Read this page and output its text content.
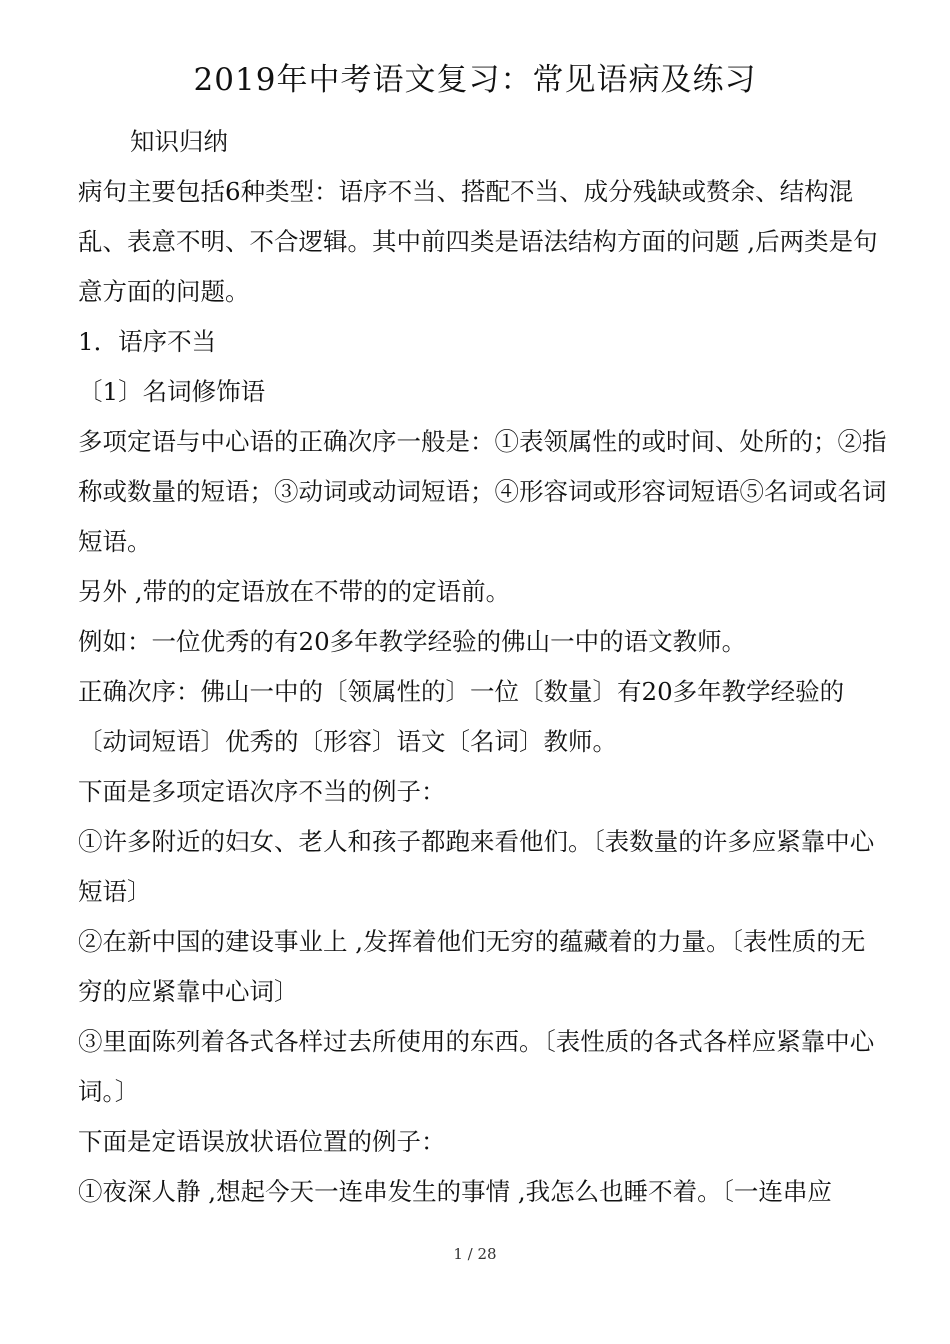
2019年中考语文复习：常见语病及练习

知识归纳

病句主要包括6种类型：语序不当、搭配不当、成分残缺或赘余、结构混乱、表意不明、不合逻辑。其中前四类是语法结构方面的问题 ,后两类是句意方面的问题。

1．语序不当

〔1〕名词修饰语

多项定语与中心语的正确次序一般是：①表领属性的或时间、处所的；②指称或数量的短语；③动词或动词短语；④形容词或形容词短语⑤名词或名词短语。

另外 ,带的的定语放在不带的的定语前。

例如：一位优秀的有20多年教学经验的佛山一中的语文教师。

正确次序：佛山一中的〔领属性的〕一位〔数量〕有20多年教学经验的〔动词短语〕优秀的〔形容〕语文〔名词〕教师。

下面是多项定语次序不当的例子：

①许多附近的妇女、老人和孩子都跑来看他们。〔表数量的许多应紧靠中心短语〕

②在新中国的建设事业上 ,发挥着他们无穷的蕴藏着的力量。〔表性质的无穷的应紧靠中心词〕

③里面陈列着各式各样过去所使用的东西。〔表性质的各式各样应紧靠中心词。〕

下面是定语误放状语位置的例子：

①夜深人静 ,想起今天一连串发生的事情 ,我怎么也睡不着。〔一连串应

1 / 28
